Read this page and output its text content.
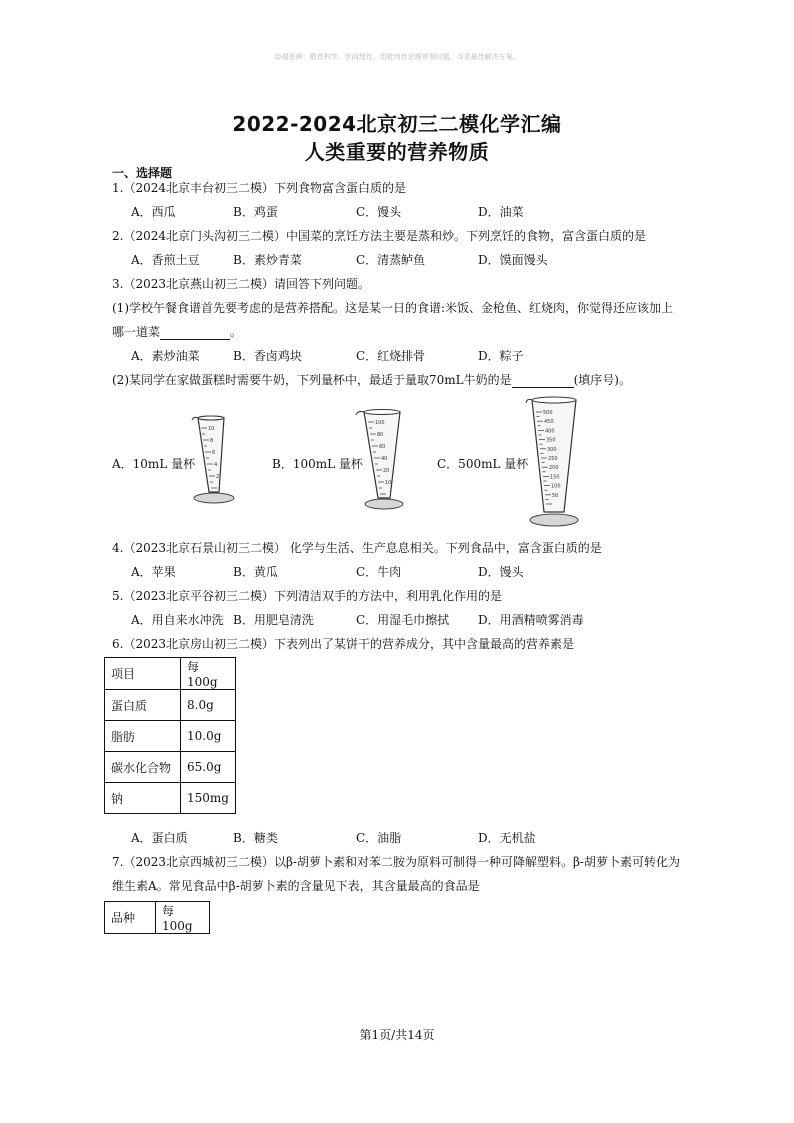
☺瑞思辨：敬畏科学、崇尚理性，用批判性思维审视问题，寻求最佳解决方案。
2022-2024北京初三二模化学汇编
人类重要的营养物质
一、选择题
1.（2024北京丰台初三二模）下列食物富含蛋白质的是
A．西瓜	B．鸡蛋	C．馒头	D．油菜
2.（2024北京门头沟初三二模）中国菜的烹饪方法主要是蒸和炒。下列烹饪的食物，富含蛋白质的是
A．香煎土豆	B．素炒青菜	C．清蒸鲈鱼	D．馍面馒头
3.（2023北京燕山初三二模）请回答下列问题。
(1)学校午餐食谱首先要考虑的是营养搭配。这是某一日的食谱:米饭、金枪鱼、红烧肉，你觉得还应该加上
哪一道菜	。
A．素炒油菜	B．香卤鸡块	C．红烧排骨	D．粽子
(2)某同学在家做蛋糕时需要牛奶，下列量杯中，最适于量取70mL牛奶的是	(填序号)。
A．10mL 量杯	B．100mL 量杯	C．500mL 量杯
10
8
6
4
2
100
80
60
40
20
10
500
450
400
350
300
250
200
150
100
50
4.（2023北京石景山初三二模） 化学与生活、生产息息相关。下列食品中，富含蛋白质的是
A．苹果	B．黄瓜	C．牛肉	D．馒头
5.（2023北京平谷初三二模）下列清洁双手的方法中，利用乳化作用的是
A．用自来水冲洗 B．用肥皂清洗	C．用湿毛巾擦拭 D．用酒精喷雾消毒
6.（2023北京房山初三二模）下表列出了某饼干的营养成分，其中含量最高的营养素是
项目	每 100g
蛋白质	8.0g
脂肪	10.0g
碳水化合物	65.0g
钠	150mg
A．蛋白质	B．糖类	C．油脂	D．无机盐
7.（2023北京西城初三二模）以β-胡萝卜素和对苯二胺为原料可制得一种可降解塑料。β-胡萝卜素可转化为
维生素A。常见食品中β-胡萝卜素的含量见下表，其含量最高的食品是
品种	每 100g
第1页/共14页
